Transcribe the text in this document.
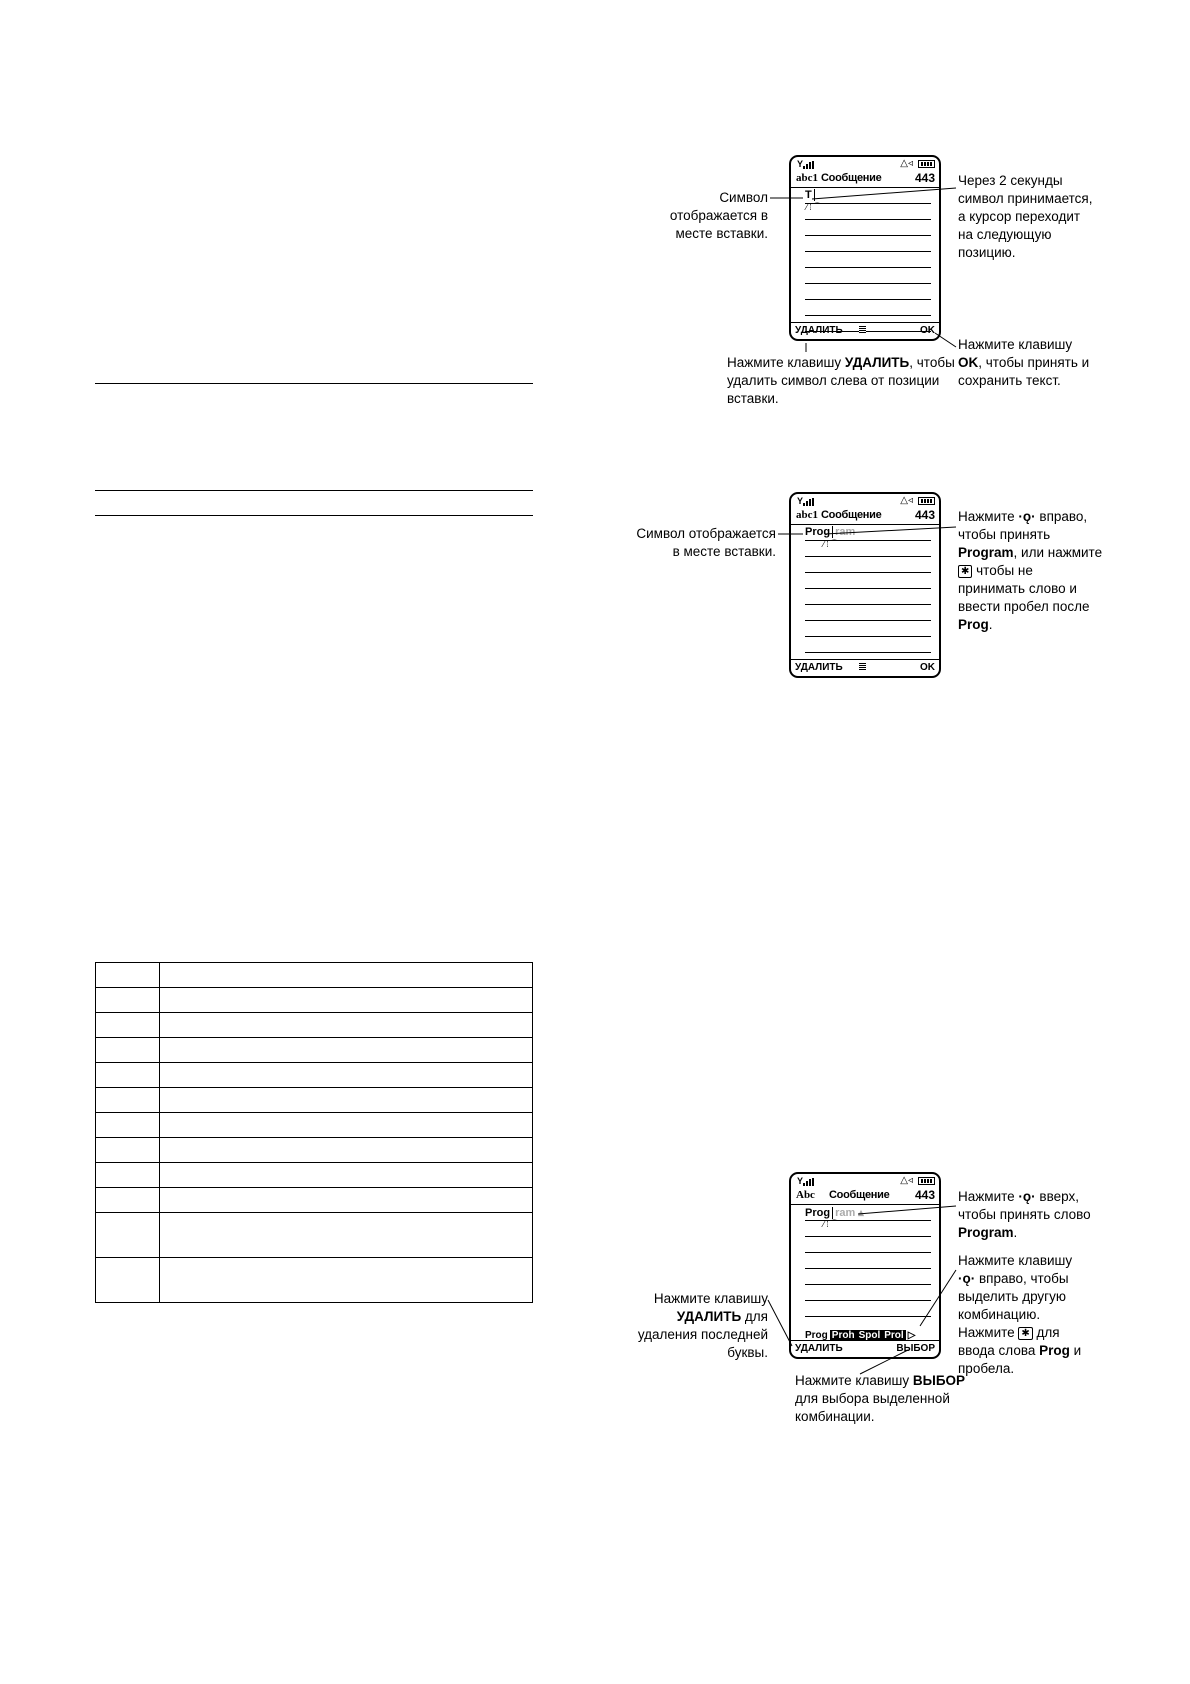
Y	△◃
abc1 Сообщение	443
T
⁄ ⁞ ⁀
УДАЛИТЬ	OK
Y	△◃
abc1 Сообщение	443
Prog ram
⁄ ⁞ ⁀
УДАЛИТЬ	OK
Y	△◃
Abc Сообщение 443
Prog ram ▴
⁄ ⁞ ⁀
Prog Proh Spol Prol ▷
УДАЛИТЬ	ВЫБОР
Символ отображается в месте вставки.
Через 2 секунды
символ принимается,
а курсор переходит
на следующую
позицию.
Нажмите клавишу УДАЛИТЬ, чтобы
удалить символ слева от позиции
вставки.
Нажмите клавишу
OK, чтобы принять и
сохранить текст.
Символ отображается
в месте вставки.
Нажмите ·ǫ· вправо,
чтобы принять
Program, или нажмите
✱ чтобы не
принимать слово и
ввести пробел после
Prog.
Нажмите ·ǫ· вверх,
чтобы принять слово
Program.
Нажмите клавишу
·ǫ· вправо, чтобы
выделить другую
комбинацию.
Нажмите ✱ для
ввода слова Prog и
пробела.
Нажмите клавишу
УДАЛИТЬ для
удаления последней
буквы.
Нажмите клавишу ВЫБОР
для выбора выделенной
комбинации.
